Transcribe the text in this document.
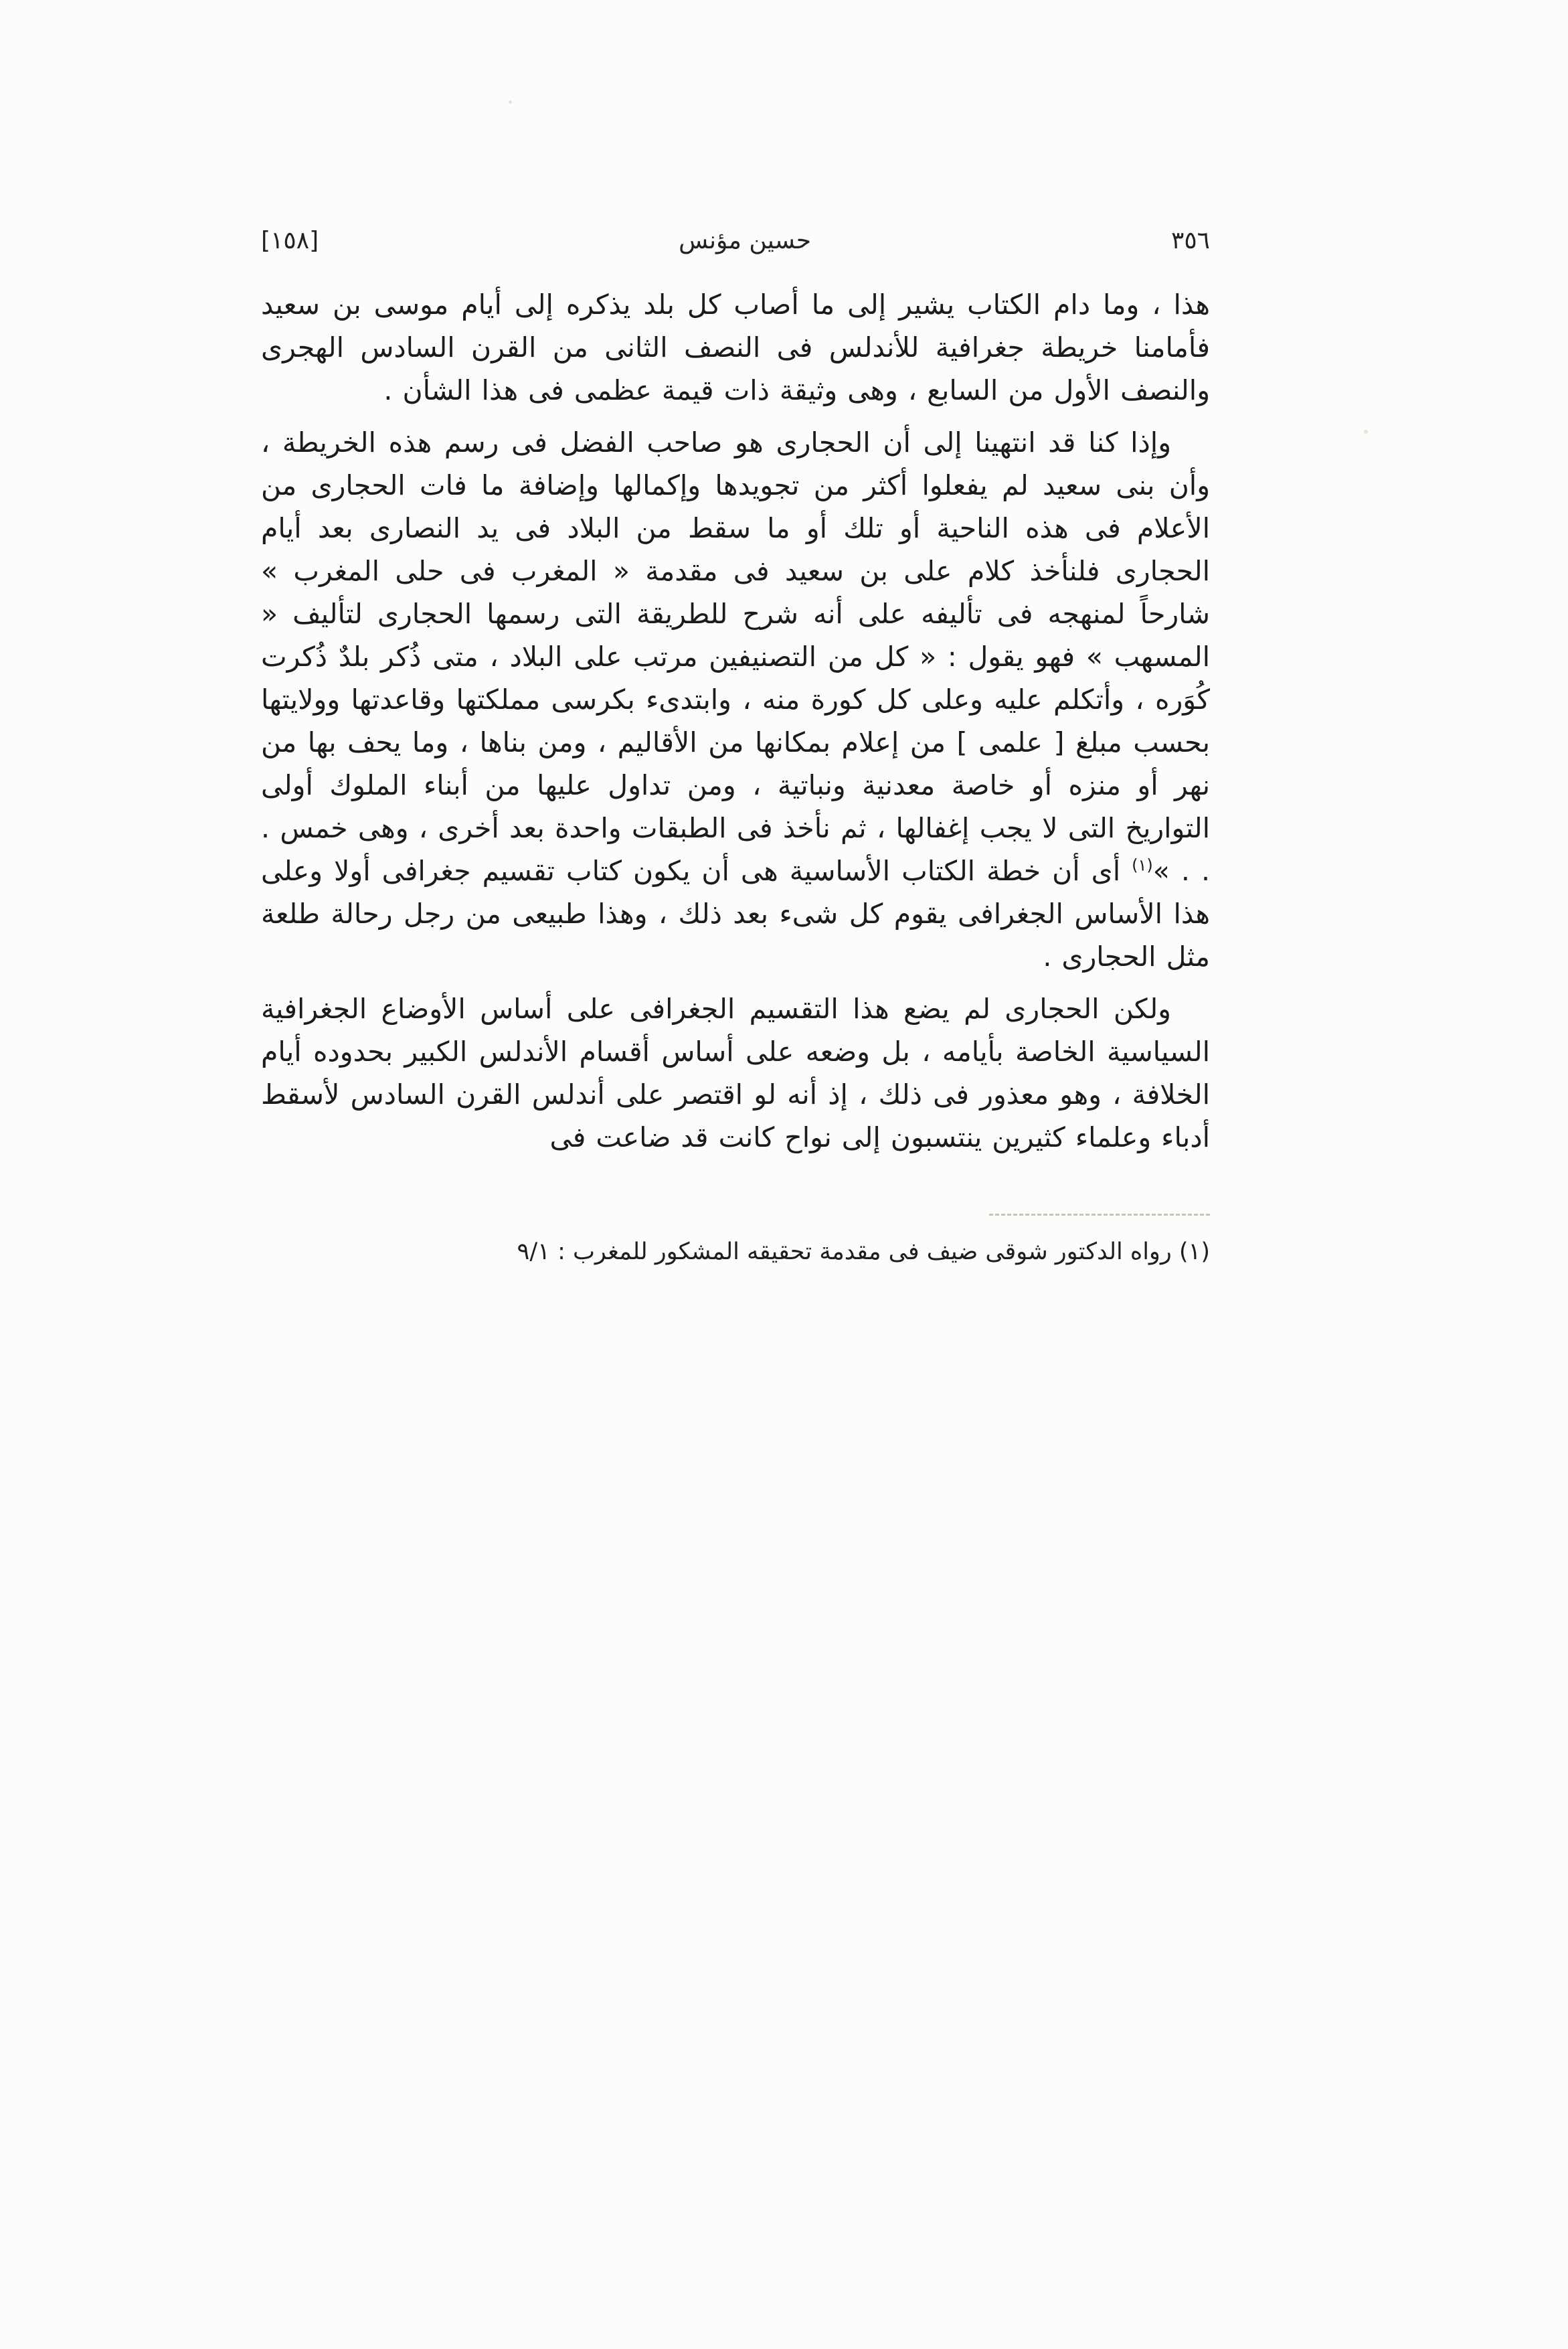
٣٥٦
حسين مؤنس
[١٥٨]

هذا ، وما دام الكتاب يشير إلى ما أصاب كل بلد يذكره إلى أيام موسى بن سعيد فأمامنا خريطة جغرافية للأندلس فى النصف الثانى من القرن السادس الهجرى والنصف الأول من السابع ، وهى وثيقة ذات قيمة عظمى فى هذا الشأن .

وإذا كنا قد انتهينا إلى أن الحجارى هو صاحب الفضل فى رسم هذه الخريطة ، وأن بنى سعيد لم يفعلوا أكثر من تجويدها وإكمالها وإضافة ما فات الحجارى من الأعلام فى هذه الناحية أو تلك أو ما سقط من البلاد فى يد النصارى بعد أيام الحجارى فلنأخذ كلام على بن سعيد فى مقدمة « المغرب فى حلى المغرب » شارحاً لمنهجه فى تأليفه على أنه شرح للطريقة التى رسمها الحجارى لتأليف « المسهب » فهو يقول : « كل من التصنيفين مرتب على البلاد ، متى ذُكر بلدٌ ذُكرت كُوَره ، وأتكلم عليه وعلى كل كورة منه ، وابتدىء بكرسى مملكتها وقاعدتها وولايتها بحسب مبلغ [ علمى ] من إعلام بمكانها من الأقاليم ، ومن بناها ، وما يحف بها من نهر أو منزه أو خاصة معدنية ونباتية ، ومن تداول عليها من أبناء الملوك أولى التواريخ التى لا يجب إغفالها ، ثم نأخذ فى الطبقات واحدة بعد أخرى ، وهى خمس . . . »$^{(١)}$ أى أن خطة الكتاب الأساسية هى أن يكون كتاب تقسيم جغرافى أولا وعلى هذا الأساس الجغرافى يقوم كل شىء بعد ذلك ، وهذا طبيعى من رجل رحالة طلعة مثل الحجارى .

ولكن الحجارى لم يضع هذا التقسيم الجغرافى على أساس الأوضاع الجغرافية السياسية الخاصة بأيامه ، بل وضعه على أساس أقسام الأندلس الكبير بحدوده أيام الخلافة ، وهو معذور فى ذلك ، إذ أنه لو اقتصر على أندلس القرن السادس لأسقط أدباء وعلماء كثيرين ينتسبون إلى نواح كانت قد ضاعت فى

(١) رواه الدكتور شوقى ضيف فى مقدمة تحقيقه المشكور للمغرب : ٩/١
